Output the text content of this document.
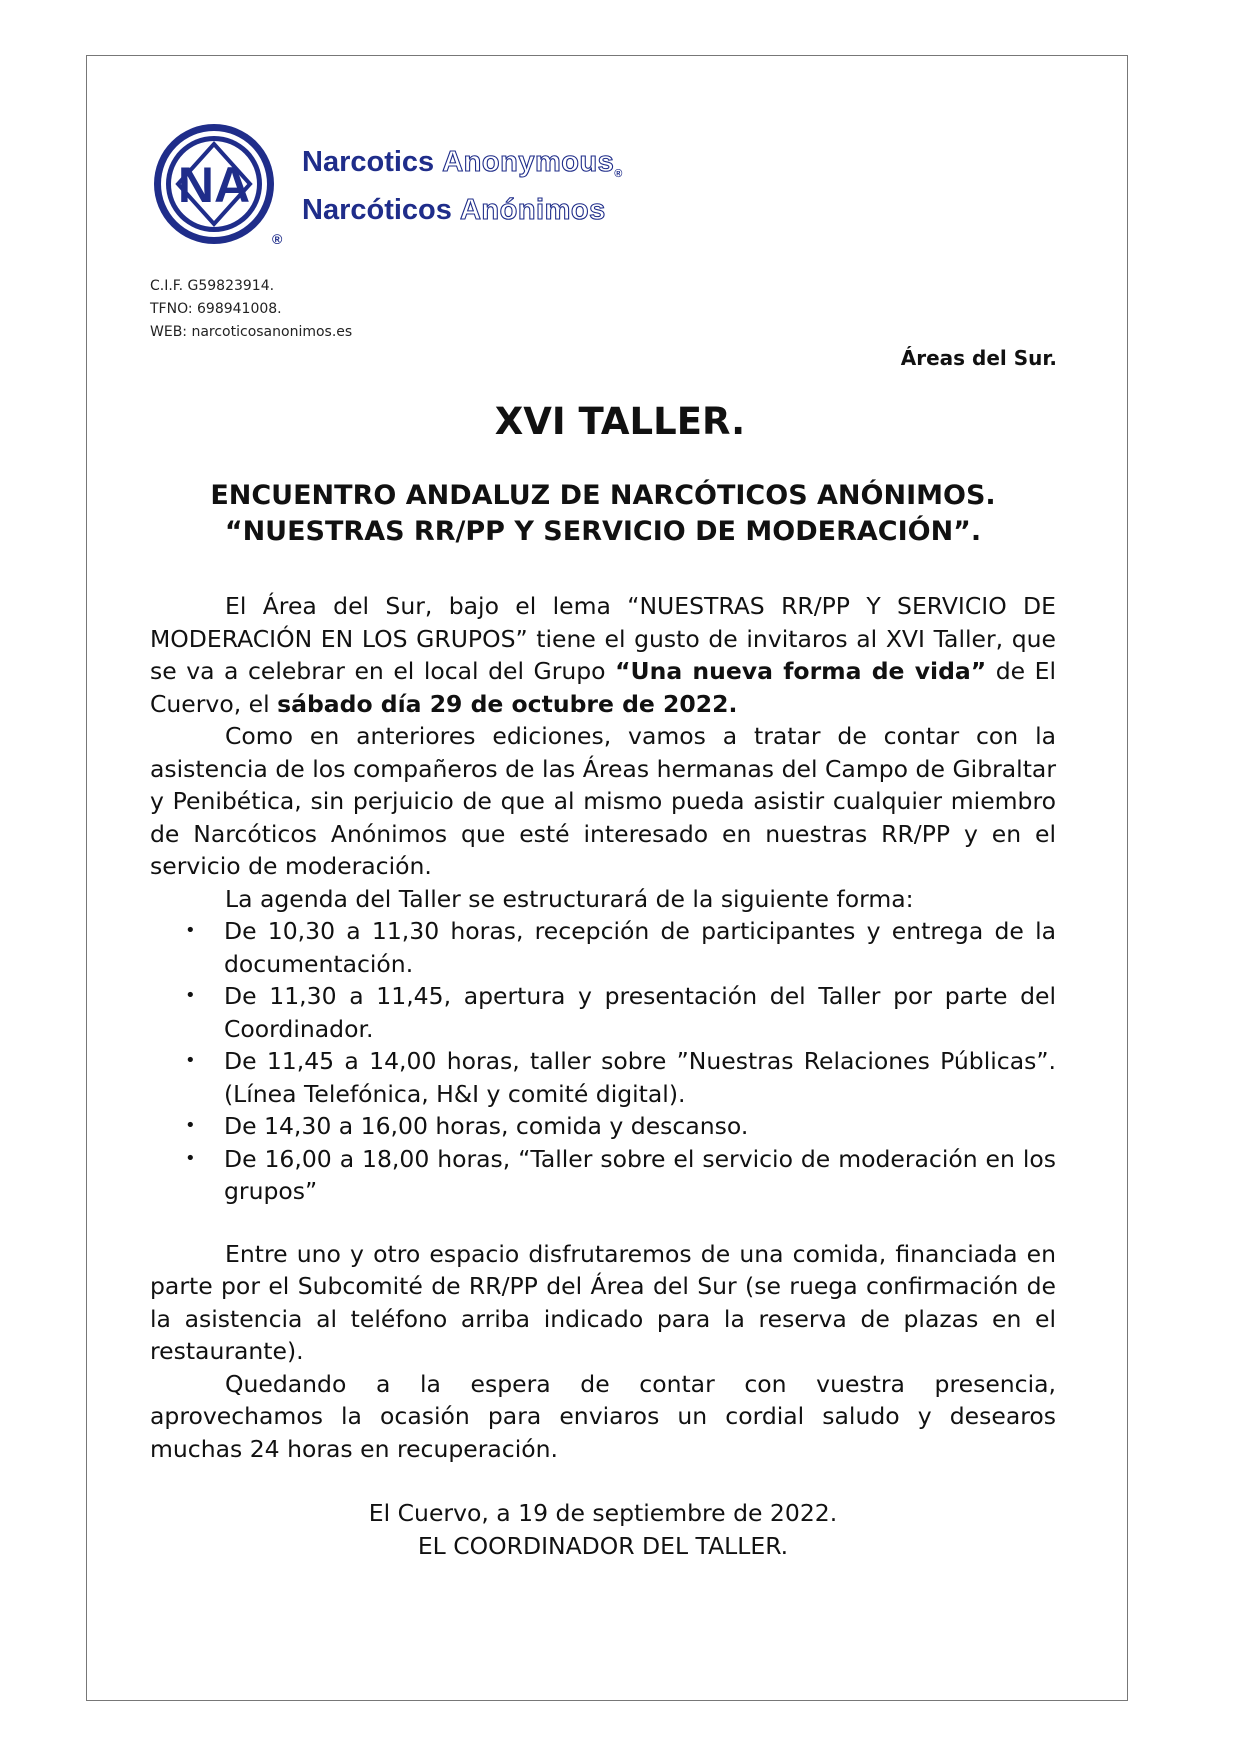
NA
®
Narcotics Anonymous$_®$
Narcóticos Anónimos
C.I.F. G59823914.
TFNO: 698941008.
WEB: narcoticosanonimos.es
Áreas del Sur.
XVI TALLER.
ENCUENTRO ANDALUZ DE NARCÓTICOS ANÓNIMOS.
“NUESTRAS RR/PP Y SERVICIO DE MODERACIÓN”.

El Área del Sur, bajo el lema “NUESTRAS RR/PP Y SERVICIO DE MODERACIÓN EN LOS GRUPOS” tiene el gusto de invitaros al XVI Taller, que se va a celebrar en el local del Grupo “Una nueva forma de vida” de El Cuervo, el sábado día 29 de octubre de 2022.

Como en anteriores ediciones, vamos a tratar de contar con la asistencia de los compañeros de las Áreas hermanas del Campo de Gibraltar y Penibética, sin perjuicio de que al mismo pueda asistir cualquier miembro de Narcóticos Anónimos que esté interesado en nuestras RR/PP y en el servicio de moderación.

La agenda del Taller se estructurará de la siguiente forma:

• De 10,30 a 11,30 horas, recepción de participantes y entrega de la documentación.
• De 11,30 a 11,45, apertura y presentación del Taller por parte del Coordinador.
• De 11,45 a 14,00 horas, taller sobre ”Nuestras Relaciones Públicas”. (Línea Telefónica, H&I y comité digital).
• De 14,30 a 16,00 horas, comida y descanso.
• De 16,00 a 18,00 horas, “Taller sobre el servicio de moderación en los grupos”

Entre uno y otro espacio disfrutaremos de una comida, financiada en parte por el Subcomité de RR/PP del Área del Sur (se ruega confirmación de la asistencia al teléfono arriba indicado para la reserva de plazas en el restaurante).

Quedando a la espera de contar con vuestra presencia, aprovechamos la ocasión para enviaros un cordial saludo y desearos muchas 24 horas en recuperación.

El Cuervo, a 19 de septiembre de 2022.
EL COORDINADOR DEL TALLER.
